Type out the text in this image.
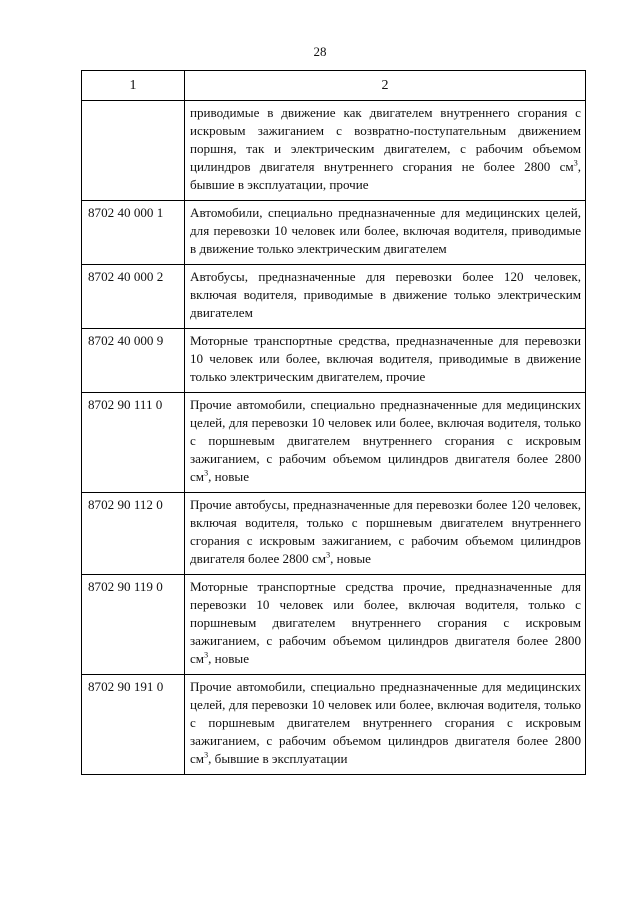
28
1	2
	приводимые в движение как двигателем внутреннего сгорания с искровым зажиганием с возвратно-поступательным движением поршня, так и электрическим двигателем, с рабочим объемом цилиндров двигателя внутреннего сгорания не более 2800 $см^3$, бывшие в эксплуатации, прочие
8702 40 000 1	Автомобили, специально предназначенные для медицинских целей, для перевозки 10 человек или более, включая водителя, приводимые в движение только электрическим двигателем
8702 40 000 2	Автобусы, предназначенные для перевозки более 120 человек, включая водителя, приводимые в движение только электрическим двигателем
8702 40 000 9	Моторные транспортные средства, предназначенные для перевозки 10 человек или более, включая водителя, приводимые в движение только электрическим двигателем, прочие
8702 90 111 0	Прочие автомобили, специально предназначенные для медицинских целей, для перевозки 10 человек или более, включая водителя, только с поршневым двигателем внутреннего сгорания с искровым зажиганием, с рабочим объемом цилиндров двигателя более 2800 $см^3$, новые
8702 90 112 0	Прочие автобусы, предназначенные для перевозки более 120 человек, включая водителя, только с поршневым двигателем внутреннего сгорания с искровым зажиганием, с рабочим объемом цилиндров двигателя более 2800 $см^3$, новые
8702 90 119 0	Моторные транспортные средства прочие, предназначенные для перевозки 10 человек или более, включая водителя, только с поршневым двигателем внутреннего сгорания с искровым зажиганием, с рабочим объемом цилиндров двигателя более 2800 $см^3$, новые
8702 90 191 0	Прочие автомобили, специально предназначенные для медицинских целей, для перевозки 10 человек или более, включая водителя, только с поршневым двигателем внутреннего сгорания с искровым зажиганием, с рабочим объемом цилиндров двигателя более 2800 $см^3$, бывшие в эксплуатации
